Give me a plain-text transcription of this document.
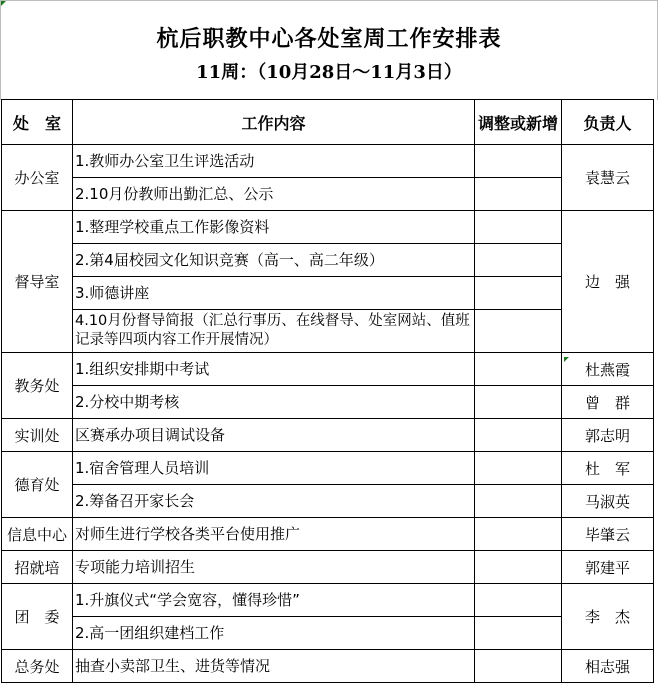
杭后职教中心各处室周工作安排表
11周：（10月28日～11月3日）
处　室	工作内容	调整或新增	负责人
办公室	1.教师办公室卫生评选活动		袁慧云
	2.10月份教师出勤汇总、公示		
督导室	1.整理学校重点工作影像资料		边　强
	2.第4届校园文化知识竞赛（高一、高二年级）		
	3.师德讲座		
	4.10月份督导简报（汇总行事历、在线督导、处室网站、值班记录等四项内容工作开展情况）		
教务处	1.组织安排期中考试		杜燕霞
	2.分校中期考核		曾　群
实训处	区赛承办项目调试设备		郭志明
德育处	1.宿舍管理人员培训		杜　军
	2.筹备召开家长会		马淑英
信息中心	对师生进行学校各类平台使用推广		毕肇云
招就培	专项能力培训招生		郭建平
团　委	1.升旗仪式“学会宽容，懂得珍惜”		李　杰
	2.高一团组织建档工作		
总务处	抽查小卖部卫生、进货等情况		相志强
